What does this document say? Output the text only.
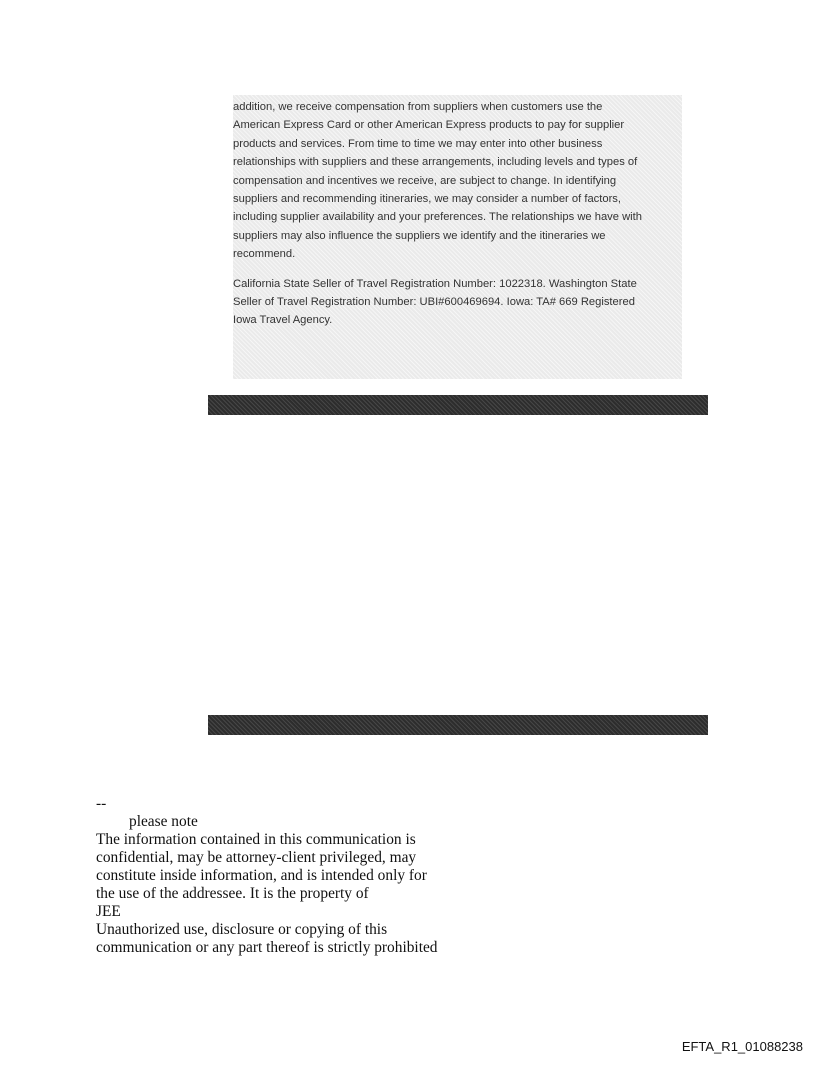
addition, we receive compensation from suppliers when customers use the
American Express Card or other American Express products to pay for supplier
products and services. From time to time we may enter into other business
relationships with suppliers and these arrangements, including levels and types of
compensation and incentives we receive, are subject to change. In identifying
suppliers and recommending itineraries, we may consider a number of factors,
including supplier availability and your preferences. The relationships we have with
suppliers may also influence the suppliers we identify and the itineraries we
recommend.

California State Seller of Travel Registration Number: 1022318. Washington State
Seller of Travel Registration Number: UBI#600469694. Iowa: TA# 669 Registered
Iowa Travel Agency.

--
please note
The information contained in this communication is
confidential, may be attorney-client privileged, may
constitute inside information, and is intended only for
the use of the addressee. It is the property of
JEE
Unauthorized use, disclosure or copying of this
communication or any part thereof is strictly prohibited
EFTA_R1_01088238
